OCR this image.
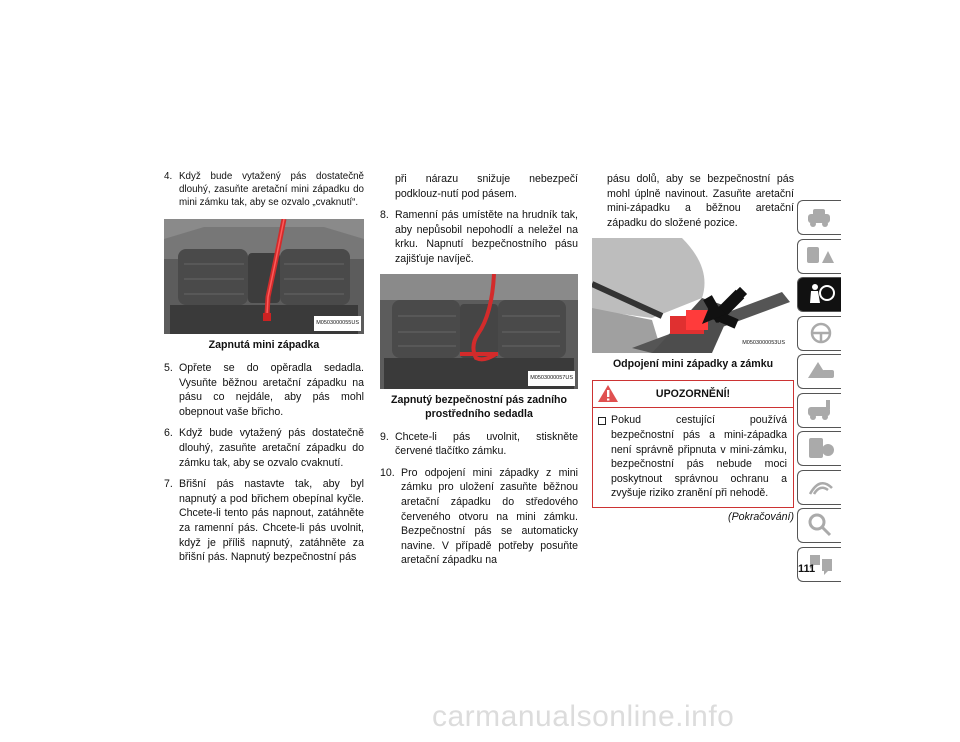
4. Když bude vytažený pás dostatečně dlouhý, zasuňte aretační mini západku do mini zámku tak, aby se ozvalo „cvaknutí“.
M0503000055US
Zapnutá mini západka
5. Opřete se do opěradla sedadla. Vysuňte běžnou aretační západku na pásu co nejdále, aby pás mohl obepnout vaše břicho.
6. Když bude vytažený pás dostatečně dlouhý, zasuňte aretační západku do zámku tak, aby se ozvalo cvaknutí.
7. Břišní pás nastavte tak, aby byl napnutý a pod břichem obepínal kyčle. Chcete-li tento pás napnout, zatáhněte za ramenní pás. Chcete-li pás uvolnit, když je příliš napnutý, zatáhněte za břišní pás. Napnutý bezpečnostní pás
při nárazu snižuje nebezpečí podklouz-nutí pod pásem.
8. Ramenní pás umístěte na hrudník tak, aby nepůsobil nepohodlí a neležel na krku. Napnutí bezpečnostního pásu zajišťuje navíječ.
M0503000057US
Zapnutý bezpečnostní pás zadního prostředního sedadla
9. Chcete-li pás uvolnit, stiskněte červené tlačítko zámku.
10. Pro odpojení mini západky z mini zámku pro uložení zasuňte běžnou aretační západku do středového červeného otvoru na mini zámku. Bezpečnostní pás se automaticky navine. V případě potřeby posuňte aretační západku na
pásu dolů, aby se bezpečnostní pás mohl úplně navinout. Zasuňte aretační mini-západku a běžnou aretační západku do složené pozice.
M0503000053US
Odpojení mini západky a zámku
UPOZORNĚNÍ!
Pokud cestující používá bezpečnostní pás a mini-západka není správně připnuta v mini-zámku, bezpečnostní pás nebude moci poskytnout správnou ochranu a zvyšuje riziko zranění při nehodě.
(Pokračování)
111
carmanualsonline.info
